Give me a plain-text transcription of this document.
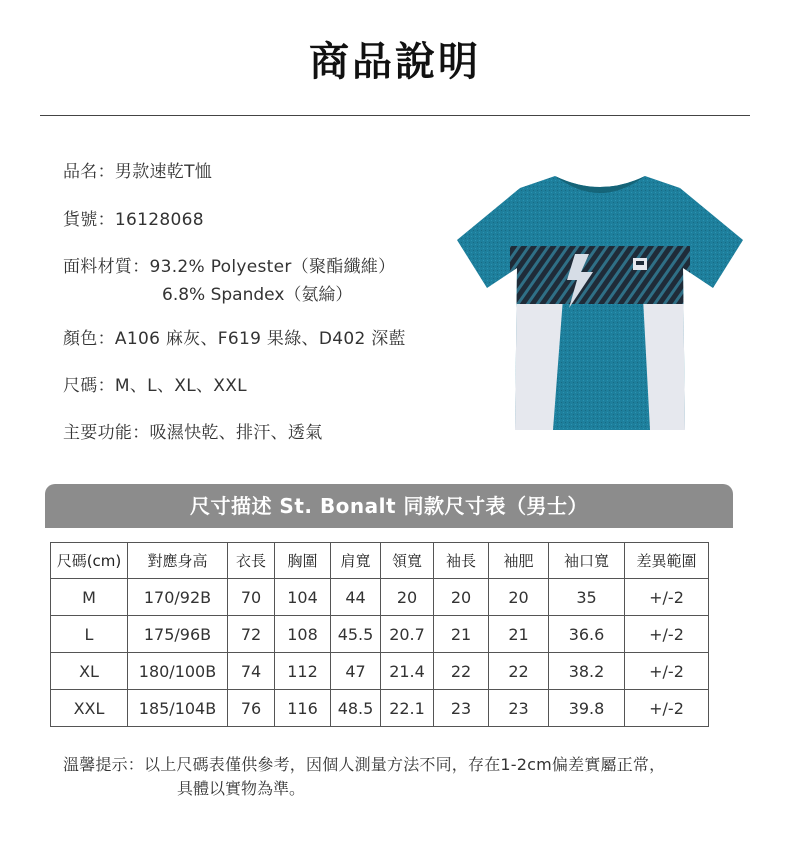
商品說明
品名：男款速乾T恤
貨號：16128068
面料材質：93.2% Polyester（聚酯纖維）
6.8% Spandex（氨綸）
顏色：A106 麻灰、F619 果綠、D402 深藍
尺碼：M、L、XL、XXL
主要功能：吸濕快乾、排汗、透氣
尺寸描述 St. Bonalt 同款尺寸表（男士）
尺碼(cm)	對應身高	衣長	胸圍	肩寬	領寬	袖長	袖肥	袖口寬	差異範圍
M	170/92B	70	104	44	20	20	20	35	+/-2
L	175/96B	72	108	45.5	20.7	21	21	36.6	+/-2
XL	180/100B	74	112	47	21.4	22	22	38.2	+/-2
XXL	185/104B	76	116	48.5	22.1	23	23	39.8	+/-2
溫馨提示：以上尺碼表僅供參考，因個人測量方法不同，存在1-2cm偏差實屬正常，
具體以實物為準。
